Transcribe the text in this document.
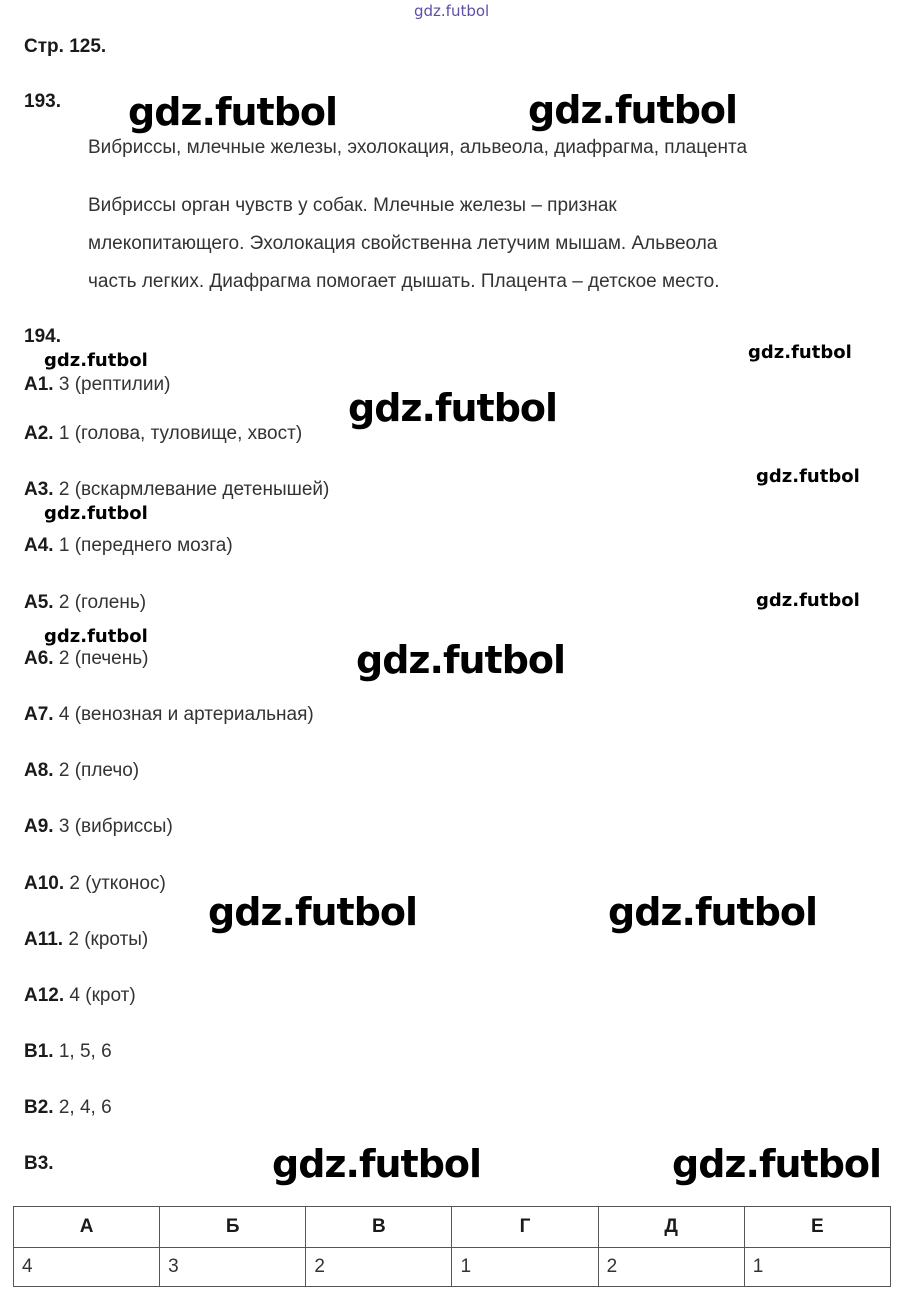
gdz.futbol
Стр. 125.
193.
Вибриссы, млечные железы, эхолокация, альвеола, диафрагма, плацента
Вибриссы орган чувств у собак. Млечные железы – признак
млекопитающего. Эхолокация свойственна летучим мышам. Альвеола
часть легких. Диафрагма помогает дышать. Плацента – детское место.
194.
А1. 3 (рептилии)
А2. 1 (голова, туловище, хвост)
А3. 2 (вскармлевание детенышей)
А4. 1 (переднего мозга)
А5. 2 (голень)
А6. 2 (печень)
А7. 4 (венозная и артериальная)
А8. 2 (плечо)
А9. 3 (вибриссы)
А10. 2 (утконос)
А11. 2 (кроты)
А12. 4 (крот)
В1. 1, 5, 6
В2. 2, 4, 6
В3.
А	Б	В	Г	Д	Е
4	3	2	1	2	1
gdz.futbol	gdz.futbol
gdz.futbol	gdz.futbol
gdz.futbol
gdz.futbol
gdz.futbol
gdz.futbol
gdz.futbol
gdz.futbol
gdz.futbol	gdz.futbol
gdz.futbol	gdz.futbol
